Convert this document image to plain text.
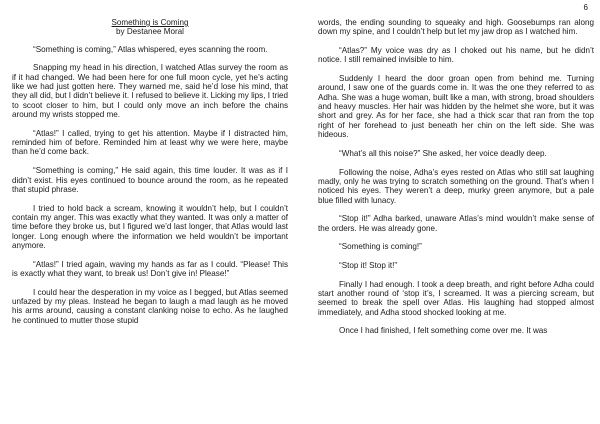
6
Something is Coming
by Destanee Moral

“Something is coming,” Atlas whispered, eyes scanning the room.

Snapping my head in his direction, I watched Atlas survey the room as if it had changed. We had been here for one full moon cycle, yet he’s acting like we had just gotten here. They warned me, said he’d lose his mind, that they all did, but I didn’t believe it. I refused to believe it. Licking my lips, I tried to scoot closer to him, but I could only move an inch before the chains around my wrists stopped me.

“Atlas!” I called, trying to get his attention. Maybe if I distracted him, reminded him of before. Reminded him at least why we were here, maybe than he’d come back.

“Something is coming,” He said again, this time louder. It was as if I didn’t exist. His eyes continued to bounce around the room, as he repeated that stupid phrase.

I tried to hold back a scream, knowing it wouldn’t help, but I couldn’t contain my anger. This was exactly what they wanted. It was only a matter of time before they broke us, but I figured we’d last longer, that Atlas would last longer. Long enough where the information we held wouldn’t be important anymore.

“Atlas!” I tried again, waving my hands as far as I could. “Please! This is exactly what they want, to break us! Don’t give in! Please!”

I could hear the desperation in my voice as I begged, but Atlas seemed unfazed by my pleas. Instead he began to laugh a mad laugh as he moved his arms around, causing a constant clanking noise to echo. As he laughed he continued to mutter those stupid

words, the ending sounding to squeaky and high. Goosebumps ran along down my spine, and I couldn’t help but let my jaw drop as I watched him.

“Atlas?” My voice was dry as I choked out his name, but he didn’t notice. I still remained invisible to him.

Suddenly I heard the door groan open from behind me. Turning around, I saw one of the guards come in. It was the one they referred to as Adha. She was a huge woman, built like a man, with strong, broad shoulders and heavy muscles. Her hair was hidden by the helmet she wore, but it was short and grey. As for her face, she had a thick scar that ran from the top right of her forehead to just beneath her chin on the left side. She was hideous.

“What’s all this noise?” She asked, her voice deadly deep.

Following the noise, Adha’s eyes rested on Atlas who still sat laughing madly, only he was trying to scratch something on the ground. That’s when I noticed his eyes. They weren’t a deep, murky green anymore, but a pale blue filled with lunacy.

“Stop it!” Adha barked, unaware Atlas’s mind wouldn’t make sense of the orders. He was already gone.

“Something is coming!”

“Stop it! Stop it!”

Finally I had enough. I took a deep breath, and right before Adha could start another round of ‘stop it’s, I screamed. It was a piercing scream, but seemed to break the spell over Atlas. His laughing had stopped almost immediately, and Adha stood shocked looking at me.

Once I had finished, I felt something come over me. It was
